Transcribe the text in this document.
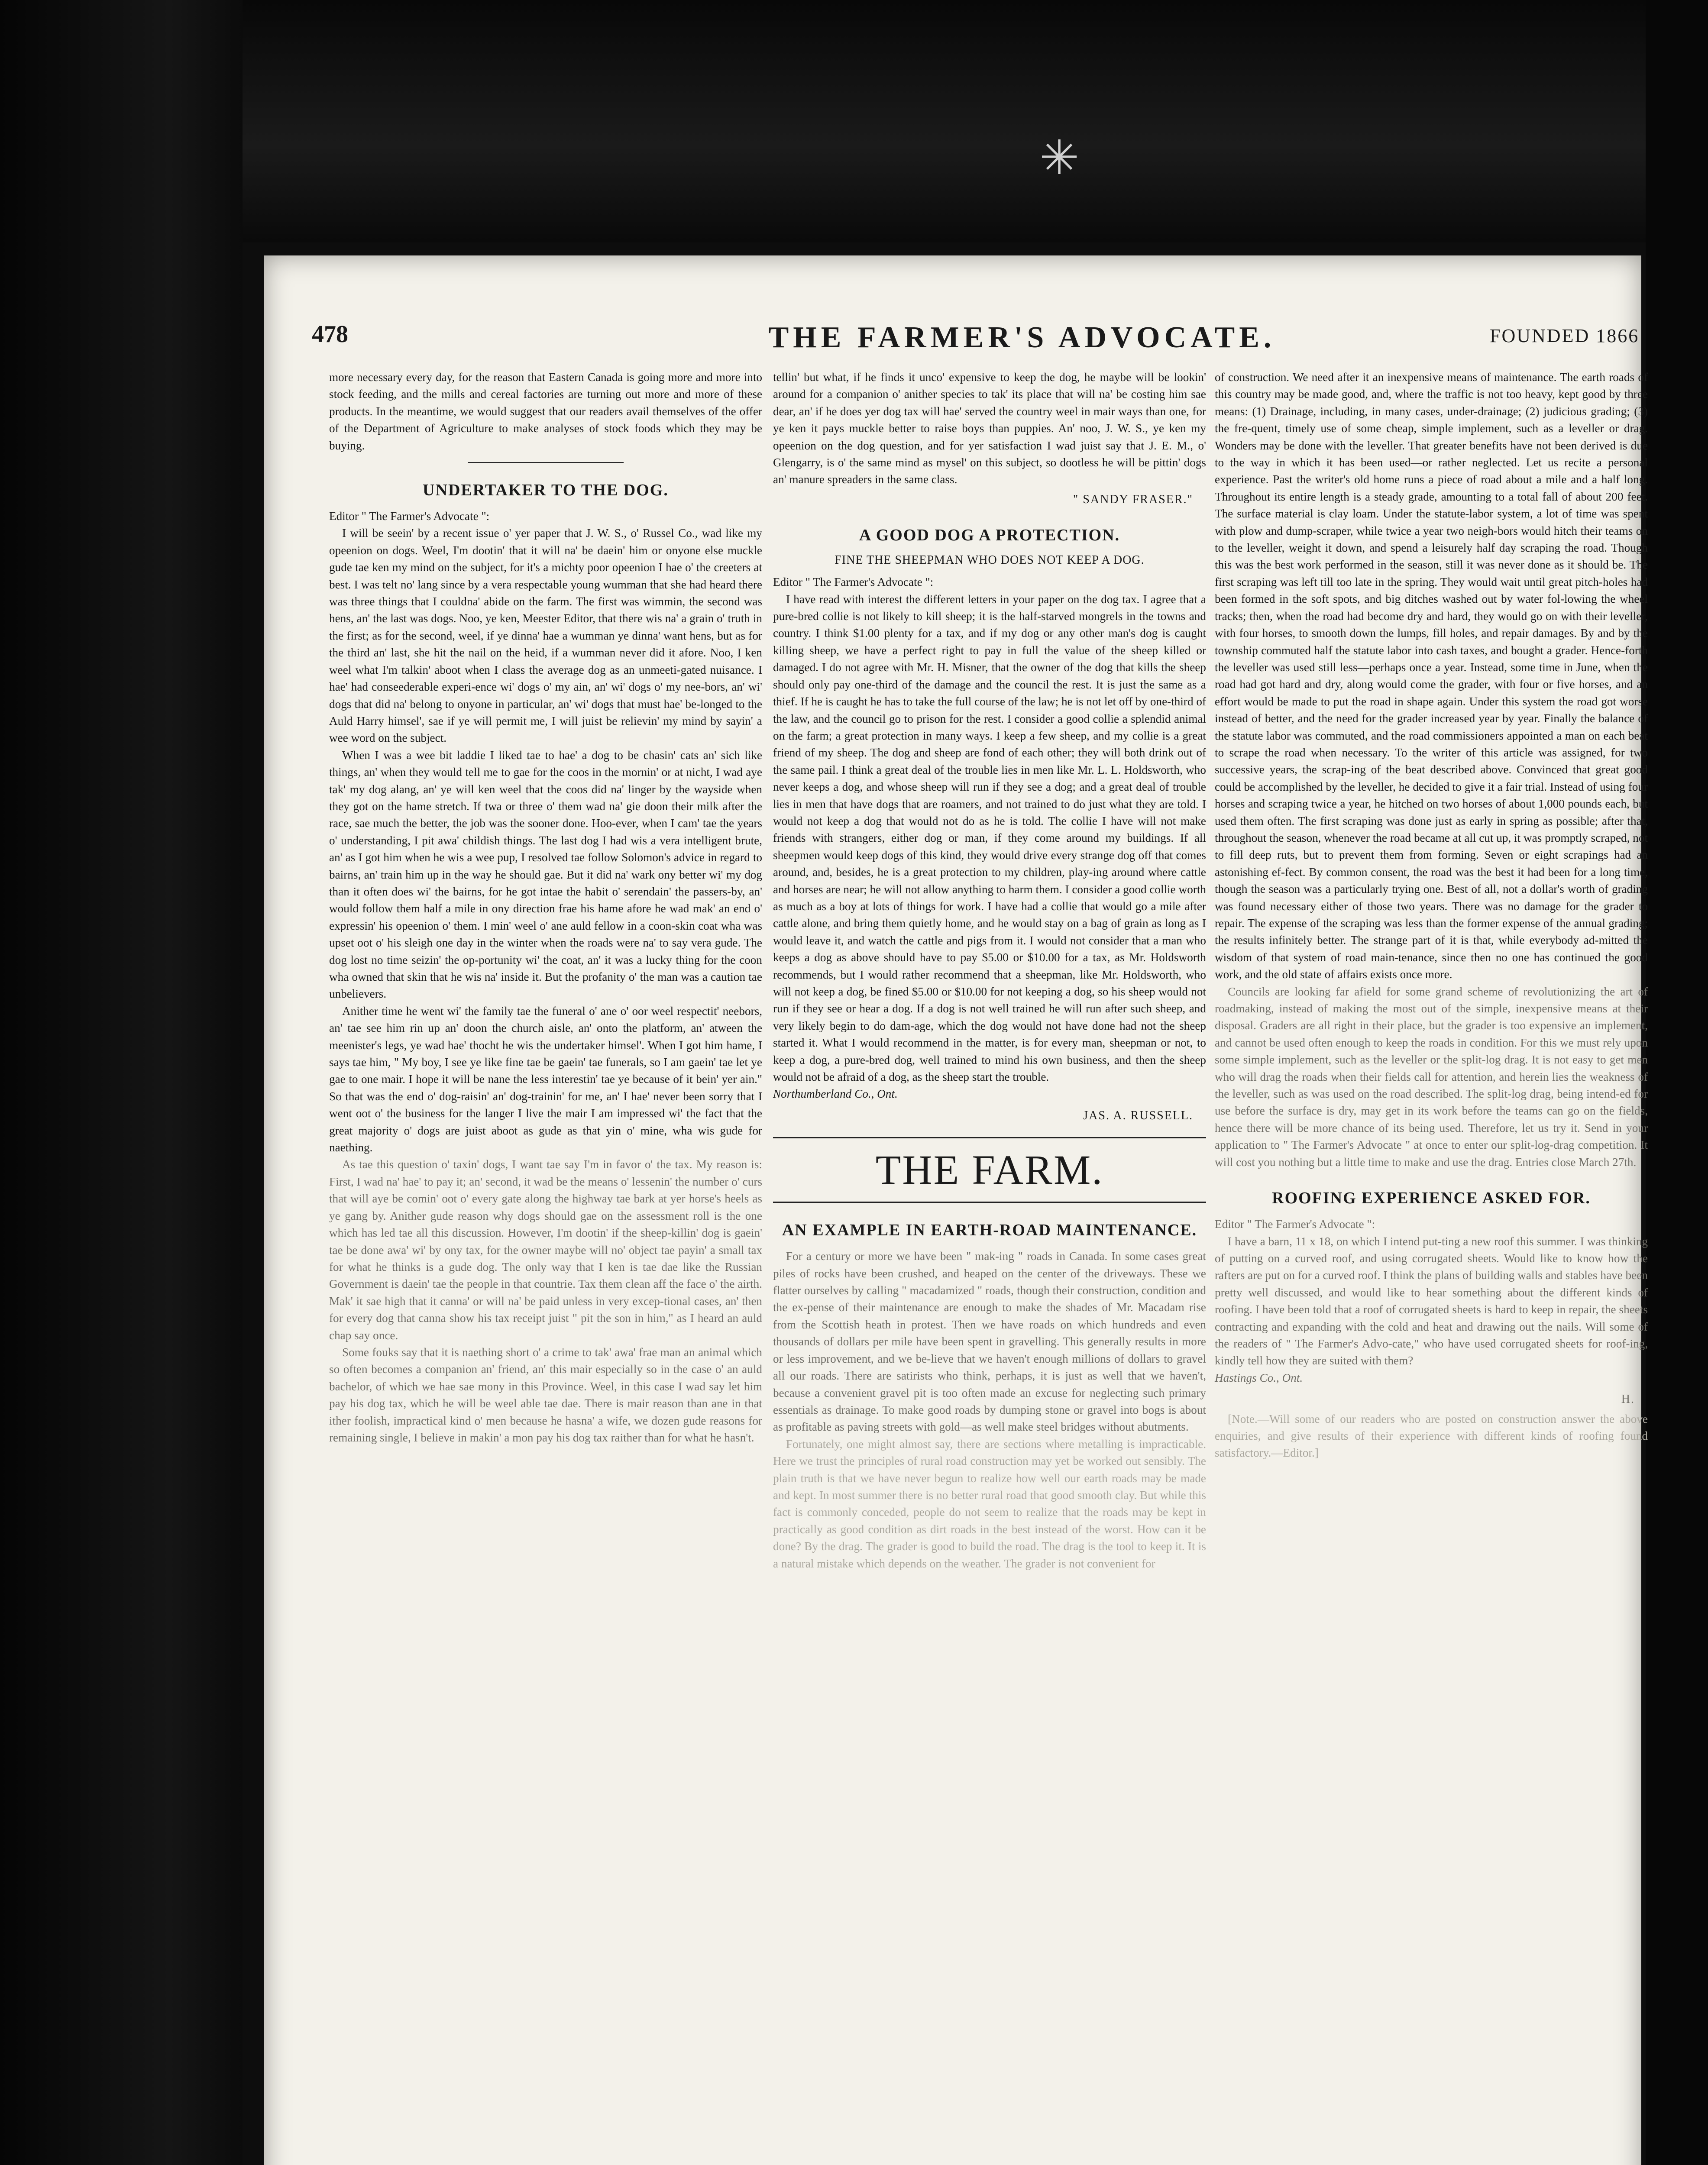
✳
478	THE FARMER'S ADVOCATE.	FOUNDED 1866

more necessary every day, for the reason that Eastern Canada is going more and more into stock feeding, and the mills and cereal factories are turning out more and more of these products. In the meantime, we would suggest that our readers avail themselves of the offer of the Department of Agriculture to make analyses of stock foods which they may be buying.

UNDERTAKER TO THE DOG.

Editor " The Farmer's Advocate ":

I will be seein' by a recent issue o' yer paper that J. W. S., o' Russel Co., wad like my opeenion on dogs. Weel, I'm dootin' that it will na' be daein' him or onyone else muckle gude tae ken my mind on the subject, for it's a michty poor opeenion I hae o' the creeters at best. I was telt no' lang since by a vera respectable young wumman that she had heard there was three things that I couldna' abide on the farm. The first was wimmin, the second was hens, an' the last was dogs. Noo, ye ken, Meester Editor, that there wis na' a grain o' truth in the first; as for the second, weel, if ye dinna' hae a wumman ye dinna' want hens, but as for the third an' last, she hit the nail on the heid, if a wumman never did it afore. Noo, I ken weel what I'm talkin' aboot when I class the average dog as an unmeeti-gated nuisance. I hae' had conseederable experi-ence wi' dogs o' my ain, an' wi' dogs o' my nee-bors, an' wi' dogs that did na' belong to onyone in particular, an' wi' dogs that must hae' be-longed to the Auld Harry himsel', sae if ye will permit me, I will juist be relievin' my mind by sayin' a wee word on the subject.

When I was a wee bit laddie I liked tae to hae' a dog to be chasin' cats an' sich like things, an' when they would tell me to gae for the coos in the mornin' or at nicht, I wad aye tak' my dog alang, an' ye will ken weel that the coos did na' linger by the wayside when they got on the hame stretch. If twa or three o' them wad na' gie doon their milk after the race, sae much the better, the job was the sooner done. Hoo-ever, when I cam' tae the years o' understanding, I pit awa' childish things. The last dog I had wis a vera intelligent brute, an' as I got him when he wis a wee pup, I resolved tae follow Solomon's advice in regard to bairns, an' train him up in the way he should gae. But it did na' wark ony better wi' my dog than it often does wi' the bairns, for he got intae the habit o' serendain' the passers-by, an' would follow them half a mile in ony direction frae his hame afore he wad mak' an end o' expressin' his opeenion o' them. I min' weel o' ane auld fellow in a coon-skin coat wha was upset oot o' his sleigh one day in the winter when the roads were na' to say vera gude. The dog lost no time seizin' the op-portunity wi' the coat, an' it was a lucky thing for the coon wha owned that skin that he wis na' inside it. But the profanity o' the man was a caution tae unbelievers.

Anither time he went wi' the family tae the funeral o' ane o' oor weel respectit' neebors, an' tae see him rin up an' doon the church aisle, an' onto the platform, an' atween the meenister's legs, ye wad hae' thocht he wis the undertaker himsel'. When I got him hame, I says tae him, " My boy, I see ye like fine tae be gaein' tae funerals, so I am gaein' tae let ye gae to one mair. I hope it will be nane the less interestin' tae ye because of it bein' yer ain." So that was the end o' dog-raisin' an' dog-trainin' for me, an' I hae' never been sorry that I went oot o' the business for the langer I live the mair I am impressed wi' the fact that the great majority o' dogs are juist aboot as gude as that yin o' mine, wha wis gude for naething.

As tae this question o' taxin' dogs, I want tae say I'm in favor o' the tax. My reason is: First, I wad na' hae' to pay it; an' second, it wad be the means o' lessenin' the number o' curs that will aye be comin' oot o' every gate along the highway tae bark at yer horse's heels as ye gang by. Anither gude reason why dogs should gae on the assessment roll is the one which has led tae all this discussion. However, I'm dootin' if the sheep-killin' dog is gaein' tae be done awa' wi' by ony tax, for the owner maybe will no' object tae payin' a small tax for what he thinks is a gude dog. The only way that I ken is tae dae like the Russian Government is daein' tae the people in that countrie. Tax them clean aff the face o' the airth. Mak' it sae high that it canna' or will na' be paid unless in very excep-tional cases, an' then for every dog that canna show his tax receipt juist " pit the son in him," as I heard an auld chap say once.

Some fouks say that it is naething short o' a crime to tak' awa' frae man an animal which so often becomes a companion an' friend, an' this mair especially so in the case o' an auld bachelor, of which we hae sae mony in this Province. Weel, in this case I wad say let him pay his dog tax, which he will be weel able tae dae. There is mair reason than ane in that ither foolish, impractical kind o' men because he hasna' a wife, we dozen gude reasons for remaining single, I believe in makin' a mon pay his dog tax raither than for what he hasn't.

tellin' but what, if he finds it unco' expensive to keep the dog, he maybe will be lookin' around for a companion o' anither species to tak' its place that will na' be costing him sae dear, an' if he does yer dog tax will hae' served the country weel in mair ways than one, for ye ken it pays muckle better to raise boys than puppies. An' noo, J. W. S., ye ken my opeenion on the dog question, and for yer satisfaction I wad juist say that J. E. M., o' Glengarry, is o' the same mind as mysel' on this subject, so dootless he will be pittin' dogs an' manure spreaders in the same class.

" SANDY FRASER."
A GOOD DOG A PROTECTION.
FINE THE SHEEPMAN WHO DOES NOT KEEP A DOG.

Editor " The Farmer's Advocate ":

I have read with interest the different letters in your paper on the dog tax. I agree that a pure-bred collie is not likely to kill sheep; it is the half-starved mongrels in the towns and country. I think $1.00 plenty for a tax, and if my dog or any other man's dog is caught killing sheep, we have a perfect right to pay in full the value of the sheep killed or damaged. I do not agree with Mr. H. Misner, that the owner of the dog that kills the sheep should only pay one-third of the damage and the council the rest. It is just the same as a thief. If he is caught he has to take the full course of the law; he is not let off by one-third of the law, and the council go to prison for the rest. I consider a good collie a splendid animal on the farm; a great protection in many ways. I keep a few sheep, and my collie is a great friend of my sheep. The dog and sheep are fond of each other; they will both drink out of the same pail. I think a great deal of the trouble lies in men like Mr. L. L. Holdsworth, who never keeps a dog, and whose sheep will run if they see a dog; and a great deal of trouble lies in men that have dogs that are roamers, and not trained to do just what they are told. I would not keep a dog that would not do as he is told. The collie I have will not make friends with strangers, either dog or man, if they come around my buildings. If all sheepmen would keep dogs of this kind, they would drive every strange dog off that comes around, and, besides, he is a great protection to my children, play-ing around where cattle and horses are near; he will not allow anything to harm them. I consider a good collie worth as much as a boy at lots of things for work. I have had a collie that would go a mile after cattle alone, and bring them quietly home, and he would stay on a bag of grain as long as I would leave it, and watch the cattle and pigs from it. I would not consider that a man who keeps a dog as above should have to pay $5.00 or $10.00 for a tax, as Mr. Holdsworth recommends, but I would rather recommend that a sheepman, like Mr. Holdsworth, who will not keep a dog, be fined $5.00 or $10.00 for not keeping a dog, so his sheep would not run if they see or hear a dog. If a dog is not well trained he will run after such sheep, and very likely begin to do dam-age, which the dog would not have done had not the sheep started it. What I would recommend in the matter, is for every man, sheepman or not, to keep a dog, a pure-bred dog, well trained to mind his own business, and then the sheep would not be afraid of a dog, as the sheep start the trouble.

Northumberland Co., Ont.

JAS. A. RUSSELL.
THE FARM.
AN EXAMPLE IN EARTH-ROAD MAINTENANCE.

For a century or more we have been " mak-ing " roads in Canada. In some cases great piles of rocks have been crushed, and heaped on the center of the driveways. These we flatter ourselves by calling " macadamized " roads, though their construction, condition and the ex-pense of their maintenance are enough to make the shades of Mr. Macadam rise from the Scottish heath in protest. Then we have roads on which hundreds and even thousands of dollars per mile have been spent in gravelling. This generally results in more or less improvement, and we be-lieve that we haven't enough millions of dollars to gravel all our roads. There are satirists who think, perhaps, it is just as well that we haven't, because a convenient gravel pit is too often made an excuse for neglecting such primary essentials as drainage. To make good roads by dumping stone or gravel into bogs is about as profitable as paving streets with gold—as well make steel bridges without abutments.

Fortunately, one might almost say, there are sections where metalling is impracticable. Here we trust the principles of rural road construction may yet be worked out sensibly. The plain truth is that we have never begun to realize how well our earth roads may be made and kept. In most summer there is no better rural road that good smooth clay. But while this fact is commonly conceded, people do not seem to realize that the roads may be kept in practically as good condition as dirt roads in the best instead of the worst. How can it be done? By the drag. The grader is good to build the road. The drag is the tool to keep it. It is a natural mistake which depends on the weather. The grader is not convenient for

of construction. We need after it an inexpensive means of maintenance. The earth roads of this country may be made good, and, where the traffic is not too heavy, kept good by three means: (1) Drainage, including, in many cases, under-drainage; (2) judicious grading; (3) the fre-quent, timely use of some cheap, simple implement, such as a leveller or drag. Wonders may be done with the leveller. That greater benefits have not been derived is due to the way in which it has been used—or rather neglected. Let us recite a personal experience. Past the writer's old home runs a piece of road about a mile and a half long. Throughout its entire length is a steady grade, amounting to a total fall of about 200 feet. The surface material is clay loam. Under the statute-labor system, a lot of time was spent with plow and dump-scraper, while twice a year two neigh-bors would hitch their teams on to the leveller, weight it down, and spend a leisurely half day scraping the road. Though this was the best work performed in the season, still it was never done as it should be. The first scraping was left till too late in the spring. They would wait until great pitch-holes had been formed in the soft spots, and big ditches washed out by water fol-lowing the wheel tracks; then, when the road had become dry and hard, they would go on with their leveller, with four horses, to smooth down the lumps, fill holes, and repair damages. By and by the township commuted half the statute labor into cash taxes, and bought a grader. Hence-forth the leveller was used still less—perhaps once a year. Instead, some time in June, when the road had got hard and dry, along would come the grader, with four or five horses, and an effort would be made to put the road in shape again. Under this system the road got worse instead of better, and the need for the grader increased year by year. Finally the balance of the statute labor was commuted, and the road commissioners appointed a man on each beat to scrape the road when necessary. To the writer of this article was assigned, for two successive years, the scrap-ing of the beat described above. Convinced that great good could be accomplished by the leveller, he decided to give it a fair trial. Instead of using four horses and scraping twice a year, he hitched on two horses of about 1,000 pounds each, but used them often. The first scraping was done just as early in spring as possible; after that, throughout the season, whenever the road became at all cut up, it was promptly scraped, not to fill deep ruts, but to prevent them from forming. Seven or eight scrapings had an astonishing ef-fect. By common consent, the road was the best it had been for a long time, though the season was a particularly trying one. Best of all, not a dollar's worth of grading was found necessary either of those two years. There was no damage for the grader to repair. The expense of the scraping was less than the former expense of the annual grading; the results infinitely better. The strange part of it is that, while everybody ad-mitted the wisdom of that system of road main-tenance, since then no one has continued the good work, and the old state of affairs exists once more.

Councils are looking far afield for some grand scheme of revolutionizing the art of roadmaking, instead of making the most out of the simple, inexpensive means at their disposal. Graders are all right in their place, but the grader is too expensive an implement, and cannot be used often enough to keep the roads in condition. For this we must rely upon some simple implement, such as the leveller or the split-log drag. It is not easy to get men who will drag the roads when their fields call for attention, and herein lies the weakness of the leveller, such as was used on the road described. The split-log drag, being intend-ed for use before the surface is dry, may get in its work before the teams can go on the fields, hence there will be more chance of its being used. Therefore, let us try it. Send in your application to " The Farmer's Advocate " at once to enter our split-log-drag competition. It will cost you nothing but a little time to make and use the drag. Entries close March 27th.

ROOFING EXPERIENCE ASKED FOR.

Editor " The Farmer's Advocate ":

I have a barn, 11 x 18, on which I intend put-ting a new roof this summer. I was thinking of putting on a curved roof, and using corrugated sheets. Would like to know how the rafters are put on for a curved roof. I think the plans of building walls and stables have been pretty well discussed, and would like to hear something about the different kinds of roofing. I have been told that a roof of corrugated sheets is hard to keep in repair, the sheets contracting and expanding with the cold and heat and drawing out the nails. Will some of the readers of " The Farmer's Advo-cate," who have used corrugated sheets for roof-ing, kindly tell how they are suited with them?

Hastings Co., Ont.

H.

[Note.—Will some of our readers who are posted on construction answer the above enquiries, and give results of their experience with different kinds of roofing found satisfactory.—Editor.]
